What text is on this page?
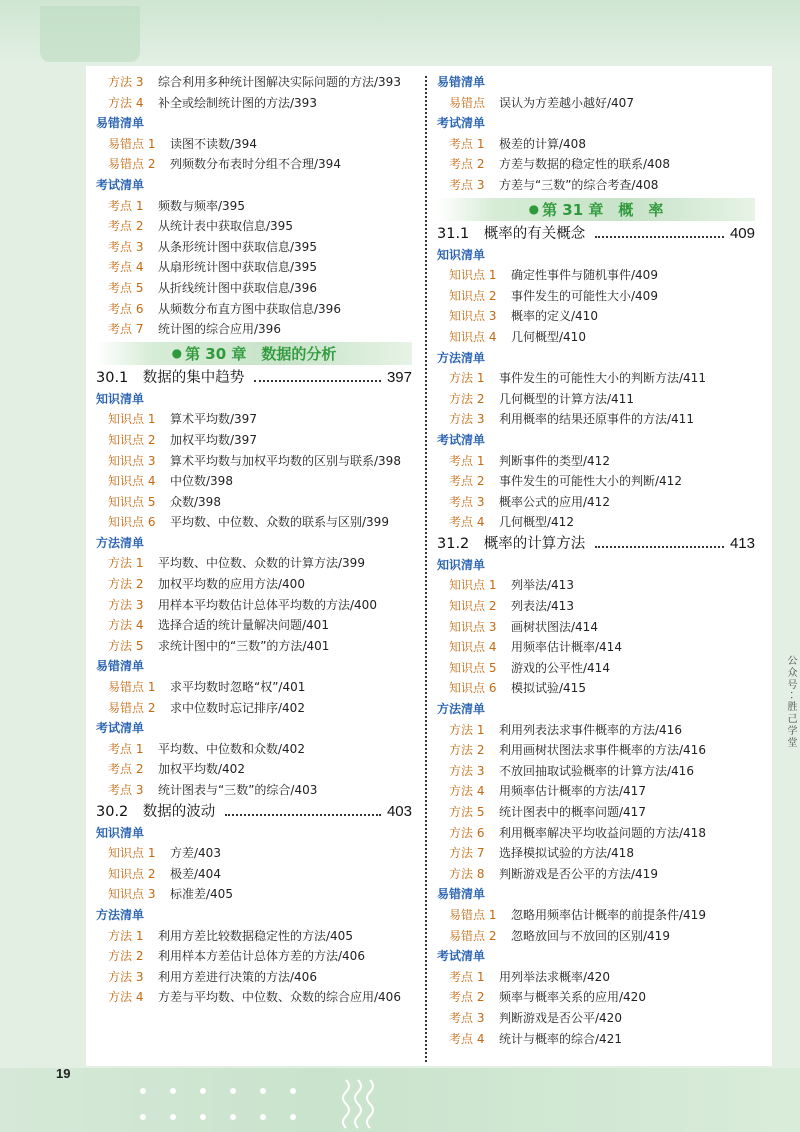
方法 3	综合利用多种统计图解决实际问题的方法/393
方法 4	补全或绘制统计图的方法/393
易错清单
易错点 1	读图不读数/394
易错点 2	列频数分布表时分组不合理/394
考试清单
考点 1	频数与频率/395
考点 2	从统计表中获取信息/395
考点 3	从条形统计图中获取信息/395
考点 4	从扇形统计图中获取信息/395
考点 5	从折线统计图中获取信息/396
考点 6	从频数分布直方图中获取信息/396
考点 7	统计图的综合应用/396
● 第 30 章　数据的分析
30.1　数据的集中趋势	397
知识清单
知识点 1	算术平均数/397
知识点 2	加权平均数/397
知识点 3	算术平均数与加权平均数的区别与联系/398
知识点 4	中位数/398
知识点 5	众数/398
知识点 6	平均数、中位数、众数的联系与区别/399
方法清单
方法 1	平均数、中位数、众数的计算方法/399
方法 2	加权平均数的应用方法/400
方法 3	用样本平均数估计总体平均数的方法/400
方法 4	选择合适的统计量解决问题/401
方法 5	求统计图中的“三数”的方法/401
易错清单
易错点 1	求平均数时忽略“权”/401
易错点 2	求中位数时忘记排序/402
考试清单
考点 1	平均数、中位数和众数/402
考点 2	加权平均数/402
考点 3	统计图表与“三数”的综合/403
30.2　数据的波动	403
知识清单
知识点 1	方差/403
知识点 2	极差/404
知识点 3	标准差/405
方法清单
方法 1	利用方差比较数据稳定性的方法/405
方法 2	利用样本方差估计总体方差的方法/406
方法 3	利用方差进行决策的方法/406
方法 4	方差与平均数、中位数、众数的综合应用/406
易错清单
易错点	误认为方差越小越好/407
考试清单
考点 1	极差的计算/408
考点 2	方差与数据的稳定性的联系/408
考点 3	方差与“三数”的综合考查/408
● 第 31 章　概　率
31.1　概率的有关概念	409
知识清单
知识点 1	确定性事件与随机事件/409
知识点 2	事件发生的可能性大小/409
知识点 3	概率的定义/410
知识点 4	几何概型/410
方法清单
方法 1	事件发生的可能性大小的判断方法/411
方法 2	几何概型的计算方法/411
方法 3	利用概率的结果还原事件的方法/411
考试清单
考点 1	判断事件的类型/412
考点 2	事件发生的可能性大小的判断/412
考点 3	概率公式的应用/412
考点 4	几何概型/412
31.2　概率的计算方法	413
知识清单
知识点 1	列举法/413
知识点 2	列表法/413
知识点 3	画树状图法/414
知识点 4	用频率估计概率/414
知识点 5	游戏的公平性/414
知识点 6	模拟试验/415
方法清单
方法 1	利用列表法求事件概率的方法/416
方法 2	利用画树状图法求事件概率的方法/416
方法 3	不放回抽取试验概率的计算方法/416
方法 4	用频率估计概率的方法/417
方法 5	统计图表中的概率问题/417
方法 6	利用概率解决平均收益问题的方法/418
方法 7	选择模拟试验的方法/418
方法 8	判断游戏是否公平的方法/419
易错清单
易错点 1	忽略用频率估计概率的前提条件/419
易错点 2	忽略放回与不放回的区别/419
考试清单
考点 1	用列举法求概率/420
考点 2	频率与概率关系的应用/420
考点 3	判断游戏是否公平/420
考点 4	统计与概率的综合/421
19
公众号··胜己学堂
